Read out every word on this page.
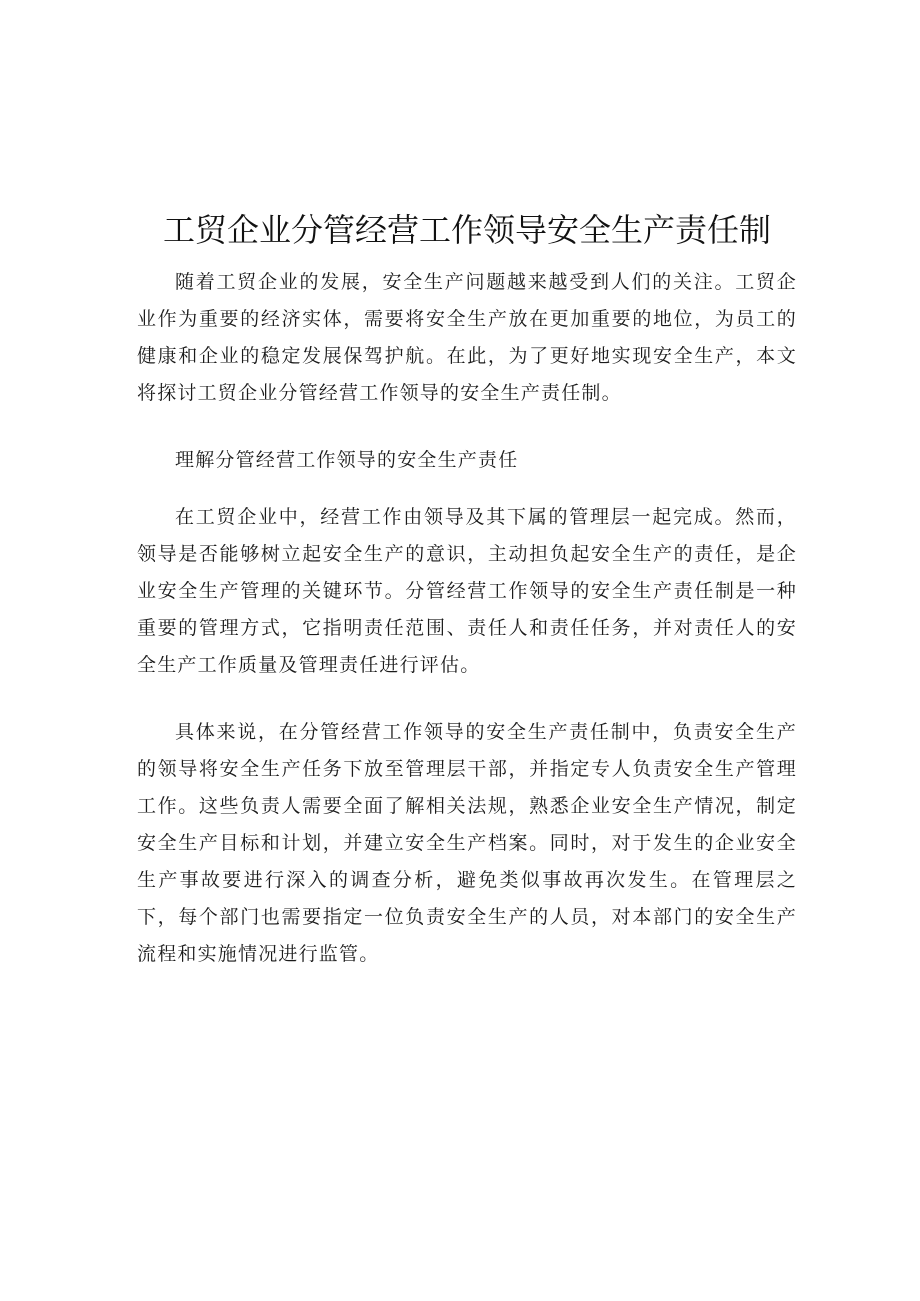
工贸企业分管经营工作领导安全生产责任制

随着工贸企业的发展，安全生产问题越来越受到人们的关注。工贸企业作为重要的经济实体，需要将安全生产放在更加重要的地位，为员工的健康和企业的稳定发展保驾护航。在此，为了更好地实现安全生产，本文将探讨工贸企业分管经营工作领导的安全生产责任制。

理解分管经营工作领导的安全生产责任

在工贸企业中，经营工作由领导及其下属的管理层一起完成。然而，领导是否能够树立起安全生产的意识，主动担负起安全生产的责任，是企业安全生产管理的关键环节。分管经营工作领导的安全生产责任制是一种重要的管理方式，它指明责任范围、责任人和责任任务，并对责任人的安全生产工作质量及管理责任进行评估。

具体来说，在分管经营工作领导的安全生产责任制中，负责安全生产的领导将安全生产任务下放至管理层干部，并指定专人负责安全生产管理工作。这些负责人需要全面了解相关法规，熟悉企业安全生产情况，制定安全生产目标和计划，并建立安全生产档案。同时，对于发生的企业安全生产事故要进行深入的调查分析，避免类似事故再次发生。在管理层之下，每个部门也需要指定一位负责安全生产的人员，对本部门的安全生产流程和实施情况进行监管。
